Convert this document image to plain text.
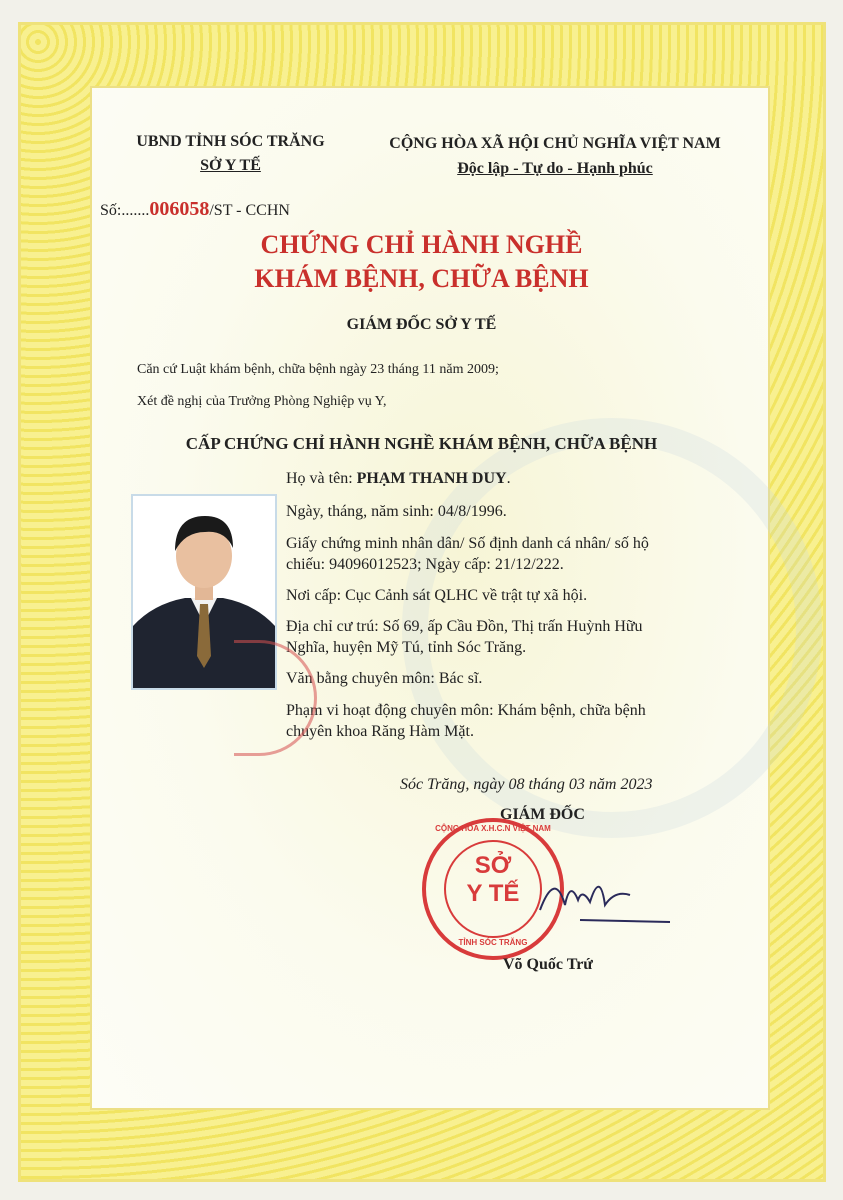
UBND TỈNH SÓC TRĂNG
SỞ Y TẾ
CỘNG HÒA XÃ HỘI CHỦ NGHĨA VIỆT NAM
Độc lập - Tự do - Hạnh phúc
Số:.......006058/ST - CCHN
CHỨNG CHỈ HÀNH NGHỀ
KHÁM BỆNH, CHỮA BỆNH
GIÁM ĐỐC SỞ Y TẾ
Căn cứ Luật khám bệnh, chữa bệnh ngày 23 tháng 11 năm 2009;
Xét đề nghị của Trưởng Phòng Nghiệp vụ Y,
CẤP CHỨNG CHỈ HÀNH NGHỀ KHÁM BỆNH, CHỮA BỆNH
Họ và tên: PHẠM THANH DUY.
Ngày, tháng, năm sinh: 04/8/1996.
Giấy chứng minh nhân dân/ Số định danh cá nhân/ số hộ
chiếu: 94096012523; Ngày cấp: 21/12/222.
Nơi cấp: Cục Cảnh sát QLHC về trật tự xã hội.
Địa chỉ cư trú: Số 69, ấp Cầu Đồn, Thị trấn Huỳnh Hữu
Nghĩa, huyện Mỹ Tú, tỉnh Sóc Trăng.
Văn bằng chuyên môn: Bác sĩ.
Phạm vi hoạt động chuyên môn: Khám bệnh, chữa bệnh
chuyên khoa Răng Hàm Mặt.
Sóc Trăng, ngày 08 tháng 03 năm 2023
GIÁM ĐỐC
CỘNG HÒA X.H.C.N VIỆT NAM
SỞ
Y TẾ
TỈNH SÓC TRĂNG
Võ Quốc Trứ
